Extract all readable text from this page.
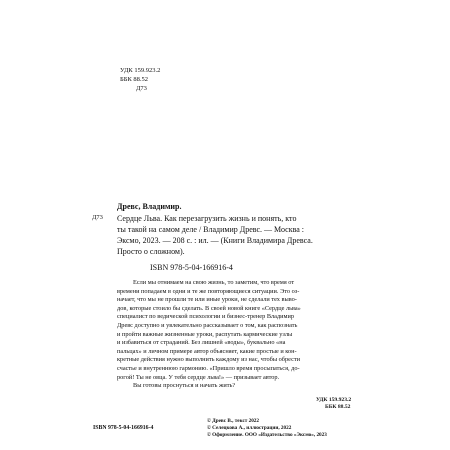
УДК 159.923.2
ББК 88.52
Д73
Д73
Древс, Владимир.
Сердце Льва. Как перезагрузить жизнь и понять, кто
ты такой на самом деле / Владимир Древс. — Москва :
Эксмо, 2023. — 208 с. : ил. — (Книги Владимира Древса.
Просто о сложном).
ISBN 978-5-04-166916-4
Если мы отнимаем на свою жизнь, то заметим, что время от
времени попадаем в одни и те же повторяющиеся ситуации. Это оз-
начает, что мы не прошли те или иные уроки, не сделали тех выво-
дов, которые стоило бы сделать. В своей новой книге «Сердце льва»
специалист по ведической психологии и бизнес-тренер Владимир
Древс доступно и увлекательно рассказывает о том, как распознать
и пройти важные жизненные уроки, распутать кармические узлы
и избавиться от страданий. Без лишней «воды», буквально «на
пальцах» и личном примере автор объясняет, какие простые и кон-
кретные действия нужно выполнить каждому из нас, чтобы обрести
счастье и внутреннюю гармонию. «Пришло время просыпаться, до-
рогой! Ты не овца. У тебя сердце льва!» — призывает автор.
Вы готовы проснуться и начать жить?
УДК 159.923.2
ББК 88.52
ISBN 978-5-04-166916-4
© Древс В., текст 2022
© Селецкова А., иллюстрации, 2022
© Оформление. ООО «Издательство «Эксмо», 2023
